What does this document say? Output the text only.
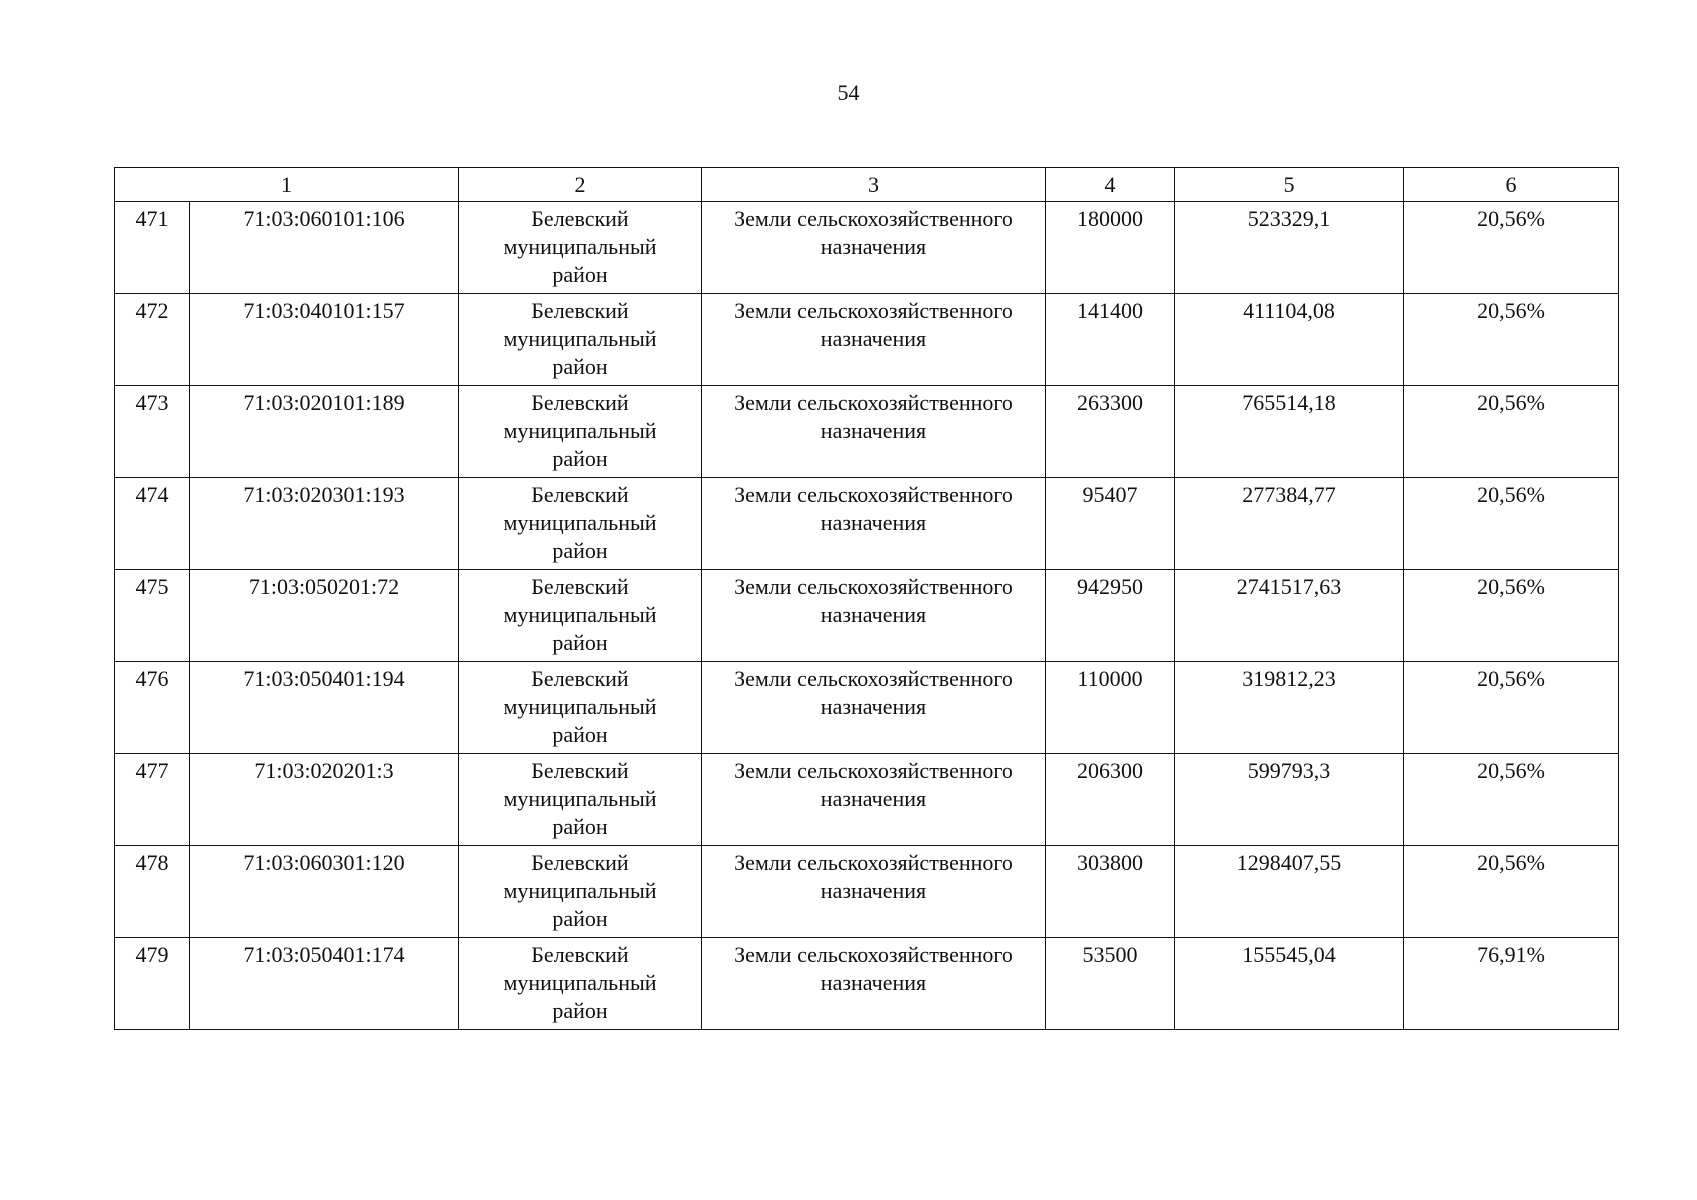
54
1		2	3	4	5	6
471	71:03:060101:106	Белевский
муниципальный
район	Земли сельскохозяйственного
назначения	180000	523329,1	20,56%
472	71:03:040101:157	Белевский
муниципальный
район	Земли сельскохозяйственного
назначения	141400	411104,08	20,56%
473	71:03:020101:189	Белевский
муниципальный
район	Земли сельскохозяйственного
назначения	263300	765514,18	20,56%
474	71:03:020301:193	Белевский
муниципальный
район	Земли сельскохозяйственного
назначения	95407	277384,77	20,56%
475	71:03:050201:72	Белевский
муниципальный
район	Земли сельскохозяйственного
назначения	942950	2741517,63	20,56%
476	71:03:050401:194	Белевский
муниципальный
район	Земли сельскохозяйственного
назначения	110000	319812,23	20,56%
477	71:03:020201:3	Белевский
муниципальный
район	Земли сельскохозяйственного
назначения	206300	599793,3	20,56%
478	71:03:060301:120	Белевский
муниципальный
район	Земли сельскохозяйственного
назначения	303800	1298407,55	20,56%
479	71:03:050401:174	Белевский
муниципальный
район	Земли сельскохозяйственного
назначения	53500	155545,04	76,91%
